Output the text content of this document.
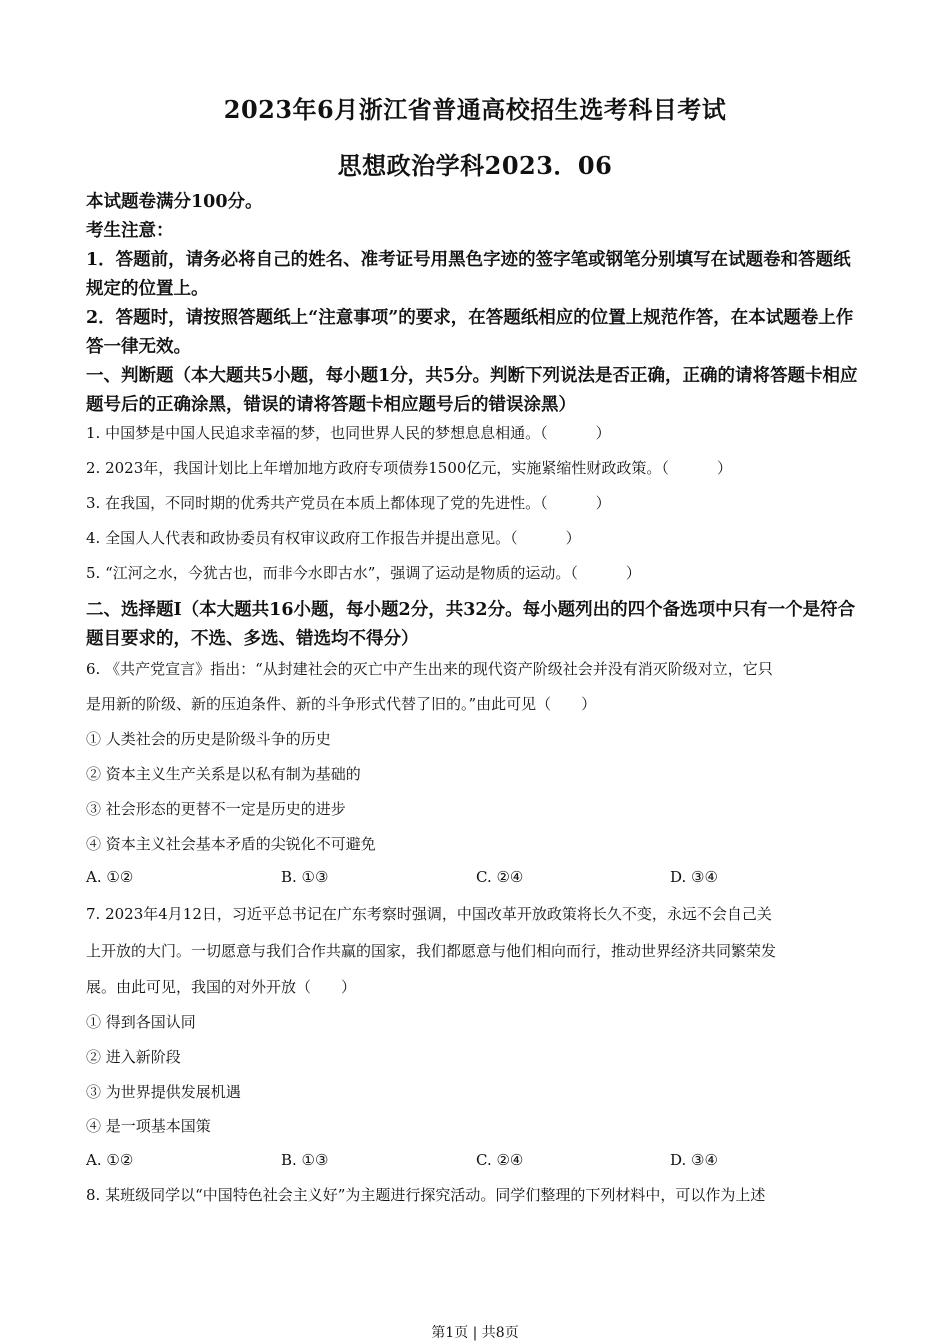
2023年6月浙江省普通高校招生选考科目考试
思想政治学科2023．06
本试题卷满分100分。
考生注意：
1．答题前，请务必将自己的姓名、准考证号用黑色字迹的签字笔或钢笔分别填写在试题卷和答题纸规定的位置上。
2．答题时，请按照答题纸上“注意事项”的要求，在答题纸相应的位置上规范作答，在本试题卷上作答一律无效。
一、判断题（本大题共5小题，每小题1分，共5分。判断下列说法是否正确，正确的请将答题卡相应题号后的正确涂黑，错误的请将答题卡相应题号后的错误涂黑）
1. 中国梦是中国人民追求幸福的梦，也同世界人民的梦想息息相通。（	）
2. 2023年，我国计划比上年增加地方政府专项债券1500亿元，实施紧缩性财政政策。（	）
3. 在我国，不同时期的优秀共产党员在本质上都体现了党的先进性。（	）
4. 全国人人代表和政协委员有权审议政府工作报告并提出意见。（	）
5. “江河之水，今犹古也，而非今水即古水”，强调了运动是物质的运动。（	）
二、选择题I（本大题共16小题，每小题2分，共32分。每小题列出的四个备选项中只有一个是符合题目要求的，不选、多选、错选均不得分）
6. 《共产党宣言》指出：“从封建社会的灭亡中产生出来的现代资产阶级社会并没有消灭阶级对立，它只
是用新的阶级、新的压迫条件、新的斗争形式代替了旧的。”由此可见（　　）
① 人类社会的历史是阶级斗争的历史
② 资本主义生产关系是以私有制为基础的
③ 社会形态的更替不一定是历史的进步
④ 资本主义社会基本矛盾的尖锐化不可避免
A. ①②	B. ①③	C. ②④	D. ③④
7. 2023年4月12日，习近平总书记在广东考察时强调，中国改革开放政策将长久不变，永远不会自己关
上开放的大门。一切愿意与我们合作共赢的国家，我们都愿意与他们相向而行，推动世界经济共同繁荣发
展。由此可见，我国的对外开放（　　）
① 得到各国认同
② 进入新阶段
③ 为世界提供发展机遇
④ 是一项基本国策
A. ①②	B. ①③	C. ②④	D. ③④
8. 某班级同学以“中国特色社会主义好”为主题进行探究活动。同学们整理的下列材料中，可以作为上述
第1页 | 共8页
